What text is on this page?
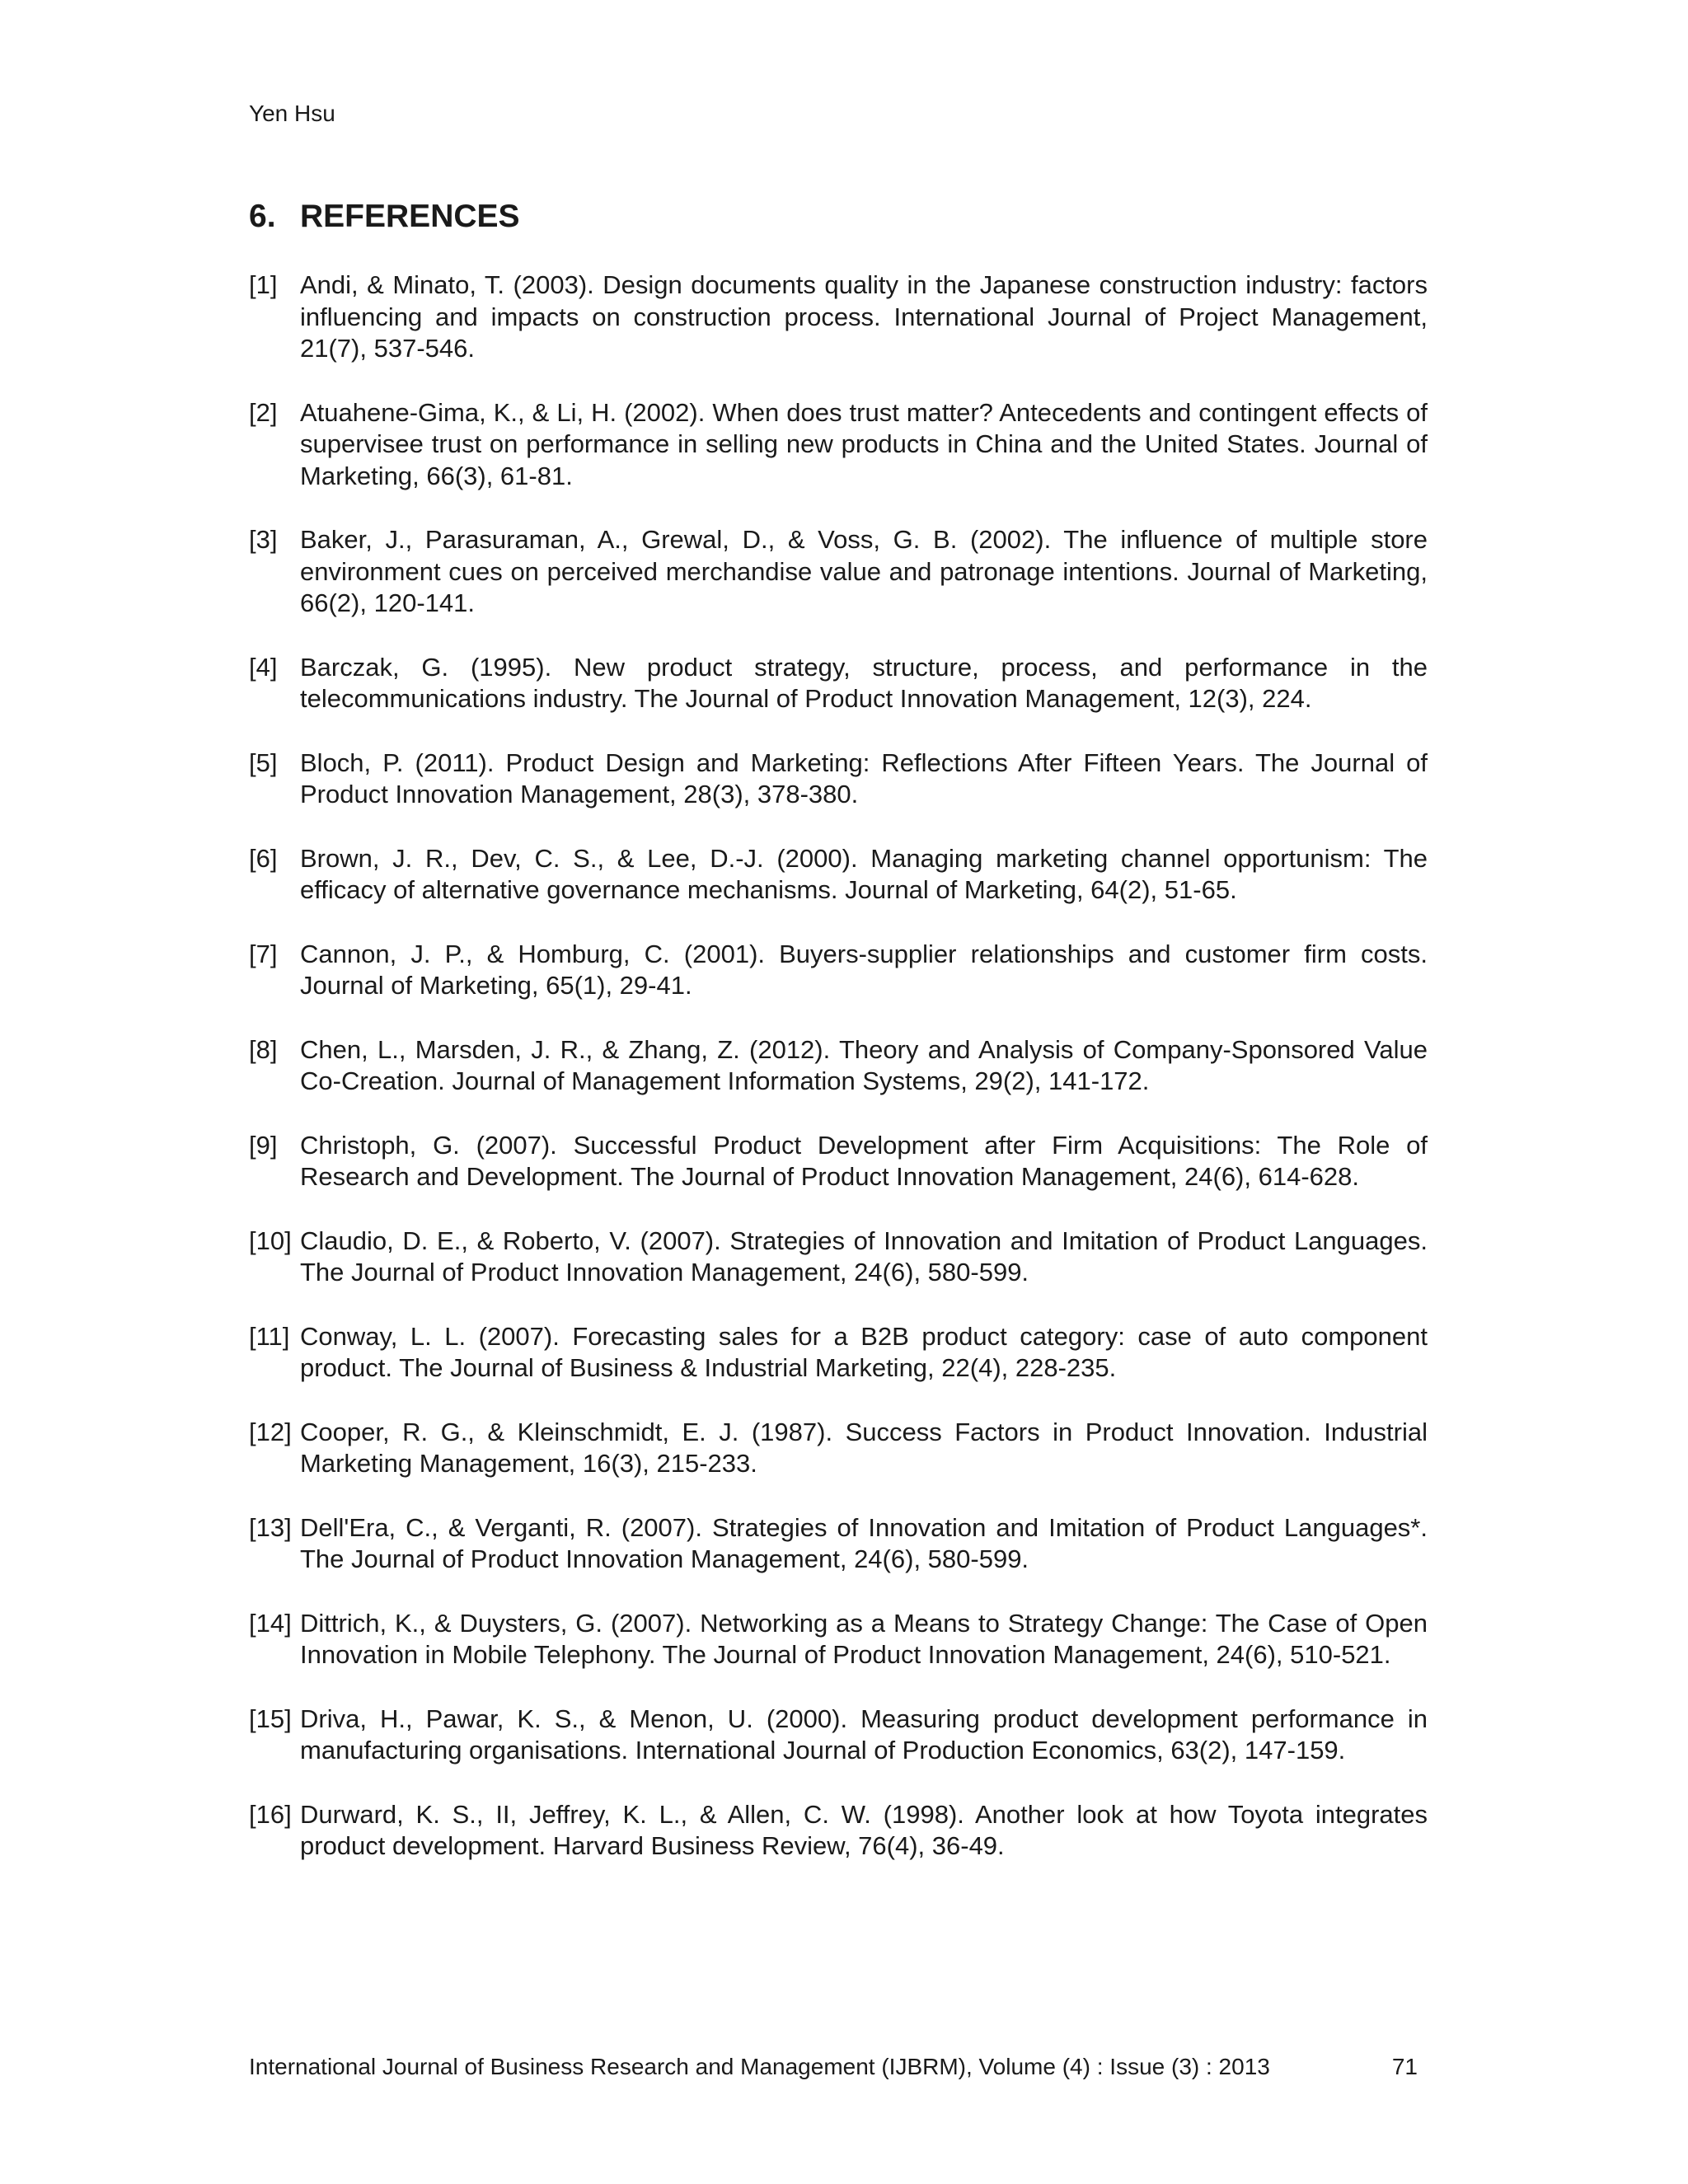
Yen Hsu
6. REFERENCES
[1] Andi, & Minato, T. (2003). Design documents quality in the Japanese construction industry: factors influencing and impacts on construction process. International Journal of Project Management, 21(7), 537-546.
[2] Atuahene-Gima, K., & Li, H. (2002). When does trust matter? Antecedents and contingent effects of supervisee trust on performance in selling new products in China and the United States. Journal of Marketing, 66(3), 61-81.
[3] Baker, J., Parasuraman, A., Grewal, D., & Voss, G. B. (2002). The influence of multiple store environment cues on perceived merchandise value and patronage intentions. Journal of Marketing, 66(2), 120-141.
[4] Barczak, G. (1995). New product strategy, structure, process, and performance in the telecommunications industry. The Journal of Product Innovation Management, 12(3), 224.
[5] Bloch, P. (2011). Product Design and Marketing: Reflections After Fifteen Years. The Journal of Product Innovation Management, 28(3), 378-380.
[6] Brown, J. R., Dev, C. S., & Lee, D.-J. (2000). Managing marketing channel opportunism: The efficacy of alternative governance mechanisms. Journal of Marketing, 64(2), 51-65.
[7] Cannon, J. P., & Homburg, C. (2001). Buyers-supplier relationships and customer firm costs. Journal of Marketing, 65(1), 29-41.
[8] Chen, L., Marsden, J. R., & Zhang, Z. (2012). Theory and Analysis of Company-Sponsored Value Co-Creation. Journal of Management Information Systems, 29(2), 141-172.
[9] Christoph, G. (2007). Successful Product Development after Firm Acquisitions: The Role of Research and Development. The Journal of Product Innovation Management, 24(6), 614-628.
[10] Claudio, D. E., & Roberto, V. (2007). Strategies of Innovation and Imitation of Product Languages. The Journal of Product Innovation Management, 24(6), 580-599.
[11] Conway, L. L. (2007). Forecasting sales for a B2B product category: case of auto component product. The Journal of Business & Industrial Marketing, 22(4), 228-235.
[12] Cooper, R. G., & Kleinschmidt, E. J. (1987). Success Factors in Product Innovation. Industrial Marketing Management, 16(3), 215-233.
[13] Dell'Era, C., & Verganti, R. (2007). Strategies of Innovation and Imitation of Product Languages*. The Journal of Product Innovation Management, 24(6), 580-599.
[14] Dittrich, K., & Duysters, G. (2007). Networking as a Means to Strategy Change: The Case of Open Innovation in Mobile Telephony. The Journal of Product Innovation Management, 24(6), 510-521.
[15] Driva, H., Pawar, K. S., & Menon, U. (2000). Measuring product development performance in manufacturing organisations. International Journal of Production Economics, 63(2), 147-159.
[16] Durward, K. S., II, Jeffrey, K. L., & Allen, C. W. (1998). Another look at how Toyota integrates product development. Harvard Business Review, 76(4), 36-49.
International Journal of Business Research and Management (IJBRM), Volume (4) : Issue (3) : 2013	71
